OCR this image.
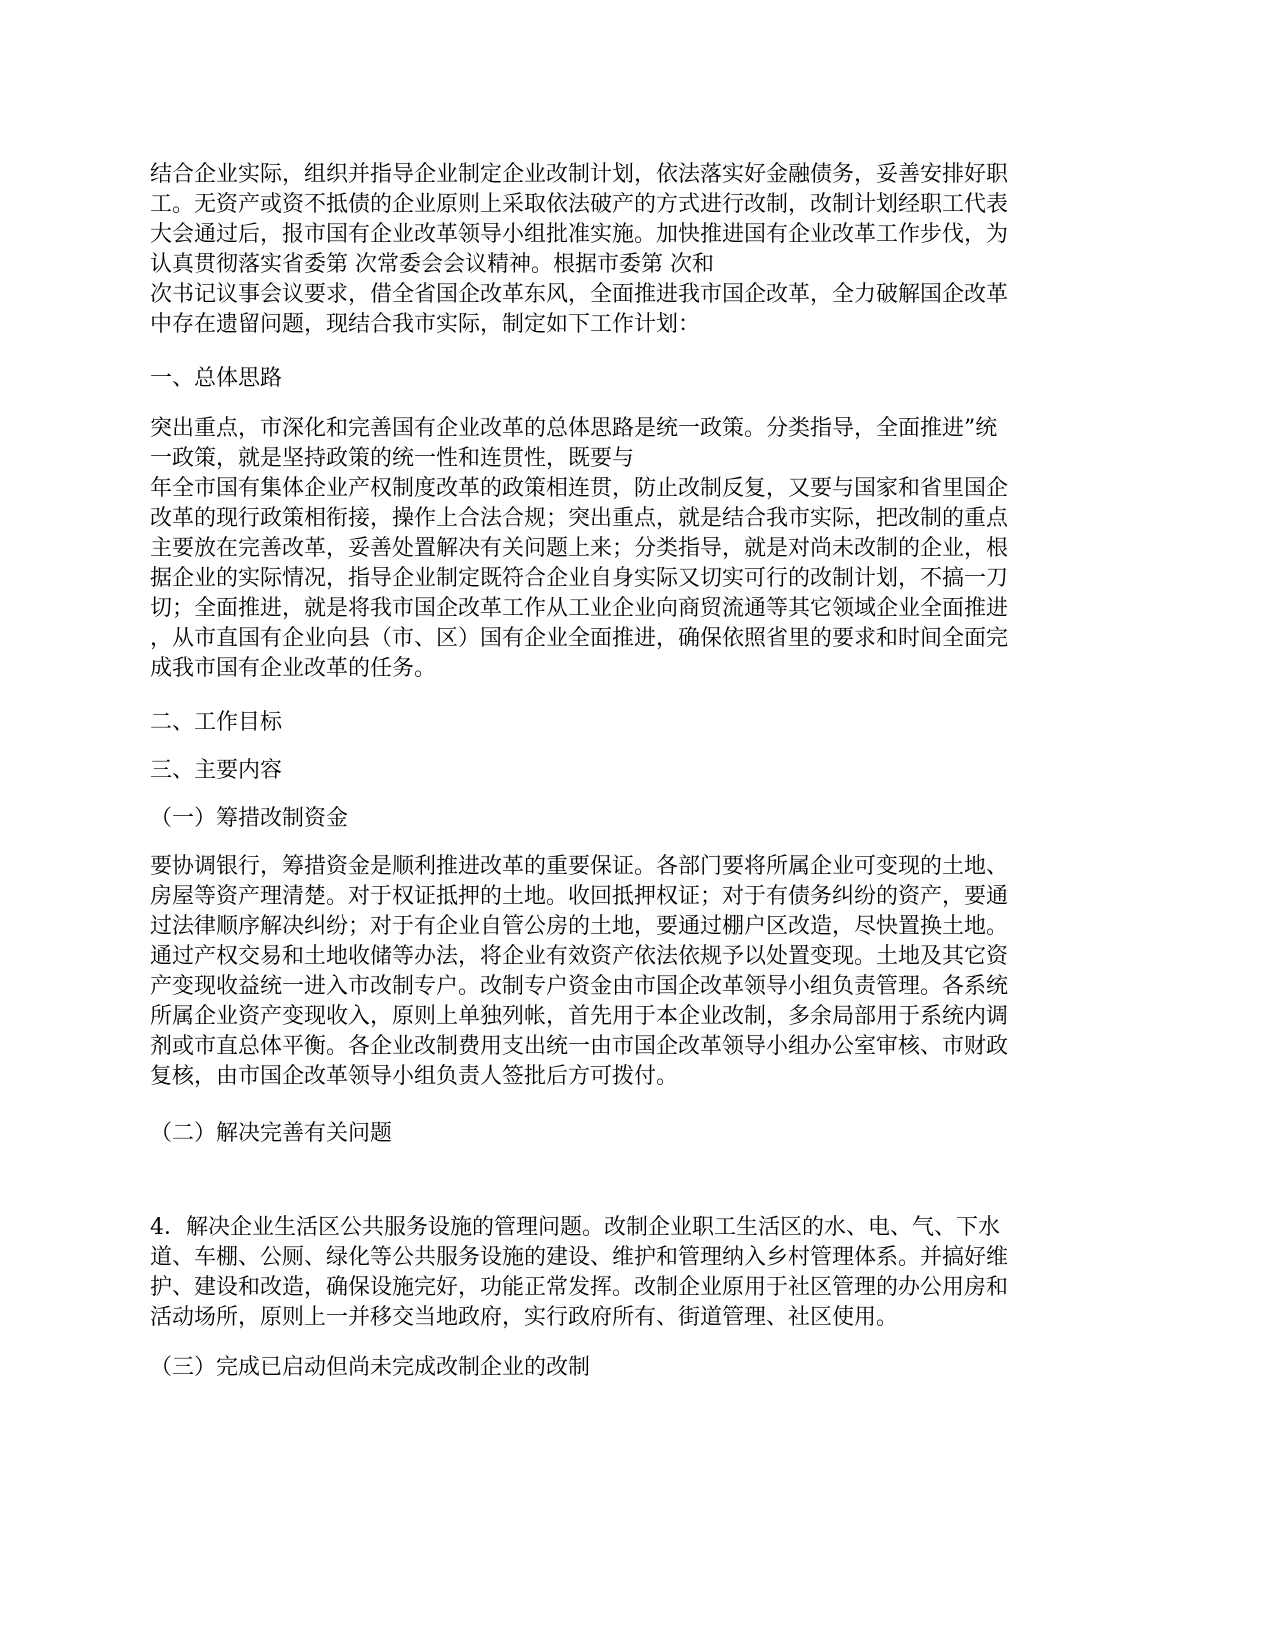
结合企业实际，组织并指导企业制定企业改制计划，依法落实好金融债务，妥善安排好职
工。无资产或资不抵债的企业原则上采取依法破产的方式进行改制，改制计划经职工代表
大会通过后，报市国有企业改革领导小组批准实施。加快推进国有企业改革工作步伐，为
认真贯彻落实省委第 次常委会会议精神。根据市委第 次和
次书记议事会议要求，借全省国企改革东风，全面推进我市国企改革，全力破解国企改革
中存在遗留问题，现结合我市实际，制定如下工作计划：

一、总体思路

突出重点，市深化和完善国有企业改革的总体思路是统一政策。分类指导，全面推进”统
一政策，就是坚持政策的统一性和连贯性，既要与
年全市国有集体企业产权制度改革的政策相连贯，防止改制反复，又要与国家和省里国企
改革的现行政策相衔接，操作上合法合规；突出重点，就是结合我市实际，把改制的重点
主要放在完善改革，妥善处置解决有关问题上来；分类指导，就是对尚未改制的企业，根
据企业的实际情况，指导企业制定既符合企业自身实际又切实可行的改制计划，不搞一刀
切；全面推进，就是将我市国企改革工作从工业企业向商贸流通等其它领域企业全面推进
，从市直国有企业向县（市、区）国有企业全面推进，确保依照省里的要求和时间全面完
成我市国有企业改革的任务。

二、工作目标

三、主要内容

（一）筹措改制资金

要协调银行，筹措资金是顺利推进改革的重要保证。各部门要将所属企业可变现的土地、
房屋等资产理清楚。对于权证抵押的土地。收回抵押权证；对于有债务纠纷的资产，要通
过法律顺序解决纠纷；对于有企业自管公房的土地，要通过棚户区改造，尽快置换土地。
通过产权交易和土地收储等办法，将企业有效资产依法依规予以处置变现。土地及其它资
产变现收益统一进入市改制专户。改制专户资金由市国企改革领导小组负责管理。各系统
所属企业资产变现收入，原则上单独列帐，首先用于本企业改制，多余局部用于系统内调
剂或市直总体平衡。各企业改制费用支出统一由市国企改革领导小组办公室审核、市财政
复核，由市国企改革领导小组负责人签批后方可拨付。

（二）解决完善有关问题

4．解决企业生活区公共服务设施的管理问题。改制企业职工生活区的水、电、气、下水
道、车棚、公厕、绿化等公共服务设施的建设、维护和管理纳入乡村管理体系。并搞好维
护、建设和改造，确保设施完好，功能正常发挥。改制企业原用于社区管理的办公用房和
活动场所，原则上一并移交当地政府，实行政府所有、街道管理、社区使用。

（三）完成已启动但尚未完成改制企业的改制
